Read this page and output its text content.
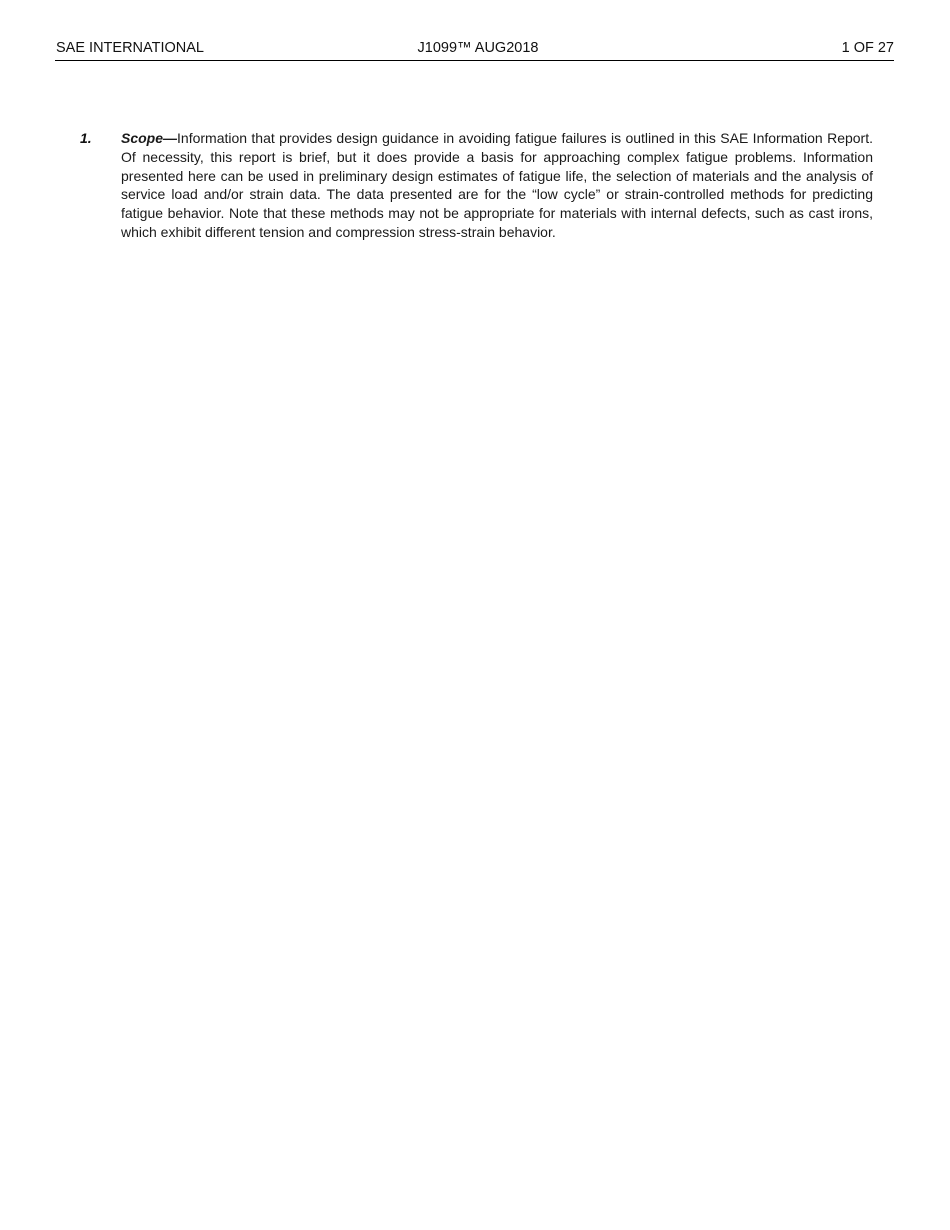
SAE INTERNATIONAL	J1099™ AUG2018	1 OF 27
1. Scope—Information that provides design guidance in avoiding fatigue failures is outlined in this SAE Information Report. Of necessity, this report is brief, but it does provide a basis for approaching complex fatigue problems. Information presented here can be used in preliminary design estimates of fatigue life, the selection of materials and the analysis of service load and/or strain data. The data presented are for the “low cycle” or strain-controlled methods for predicting fatigue behavior. Note that these methods may not be appropriate for materials with internal defects, such as cast irons, which exhibit different tension and compression stress-strain behavior.
